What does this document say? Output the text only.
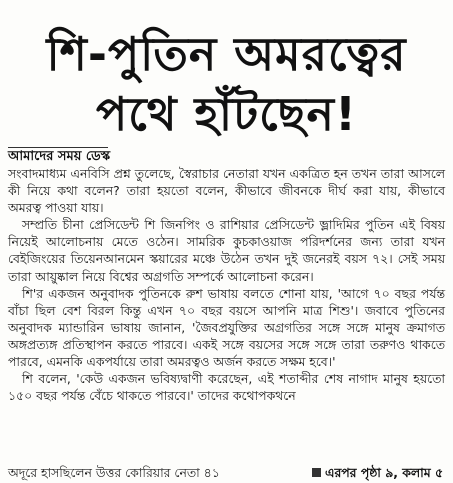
শি-পুতিন অমরত্বের
পথে হাঁটছেন!
আমাদের সময় ডেস্ক

সংবাদমাধ্যম এনবিসি প্রশ্ন তুলেছে, স্বৈরাচার নেতারা যখন একত্রিত হন তখন তারা আসলে কী নিয়ে কথা বলেন? তারা হয়তো বলেন, কীভাবে জীবনকে দীর্ঘ করা যায়, কীভাবে অমরত্ব পাওয়া যায়।

সম্প্রতি চীনা প্রেসিডেন্ট শি জিনপিং ও রাশিয়ার প্রেসিডেন্ট ভ্লাদিমির পুতিন এই বিষয় নিয়েই আলোচনায় মেতে ওঠেন। সামরিক কুচকাওয়াজ পরিদর্শনের জন্য তারা যখন বেইজিংয়ের তিয়েনআনমেন স্কয়ারের মঞ্চে উঠেন তখন দুই জনেরই বয়স ৭২। সেই সময় তারা আয়ুষ্কাল নিয়ে বিশ্বের অগ্রগতি সম্পর্কে আলোচনা করেন।

শি'র একজন অনুবাদক পুতিনকে রুশ ভাষায় বলতে শোনা যায়, 'আগে ৭০ বছর পর্যন্ত বাঁচা ছিল বেশ বিরল কিন্তু এখন ৭০ বছর বয়সে আপনি মাত্র শিশু'। জবাবে পুতিনের অনুবাদক ম্যান্ডারিন ভাষায় জানান, 'জৈবপ্রযুক্তির অগ্রগতির সঙ্গে সঙ্গে মানুষ ক্রমাগত অঙ্গপ্রত্যঙ্গ প্রতিস্থাপন করতে পারবে। একই সঙ্গে বয়সের সঙ্গে সঙ্গে তারা তরুণও থাকতে পারবে, এমনকি একপর্যায়ে তারা অমরত্বও অর্জন করতে সক্ষম হবে।'

শি বলেন, 'কেউ একজন ভবিষ্যদ্বাণী করেছেন, এই শতাব্দীর শেষ নাগাদ মানুষ হয়তো ১৫০ বছর পর্যন্ত বেঁচে থাকতে পারবে।' তাদের কথোপকথনে

অদূরে হাসছিলেন উত্তর কোরিয়ার নেতা ৪১	এরপর পৃষ্ঠা ৯, কলাম ৫
